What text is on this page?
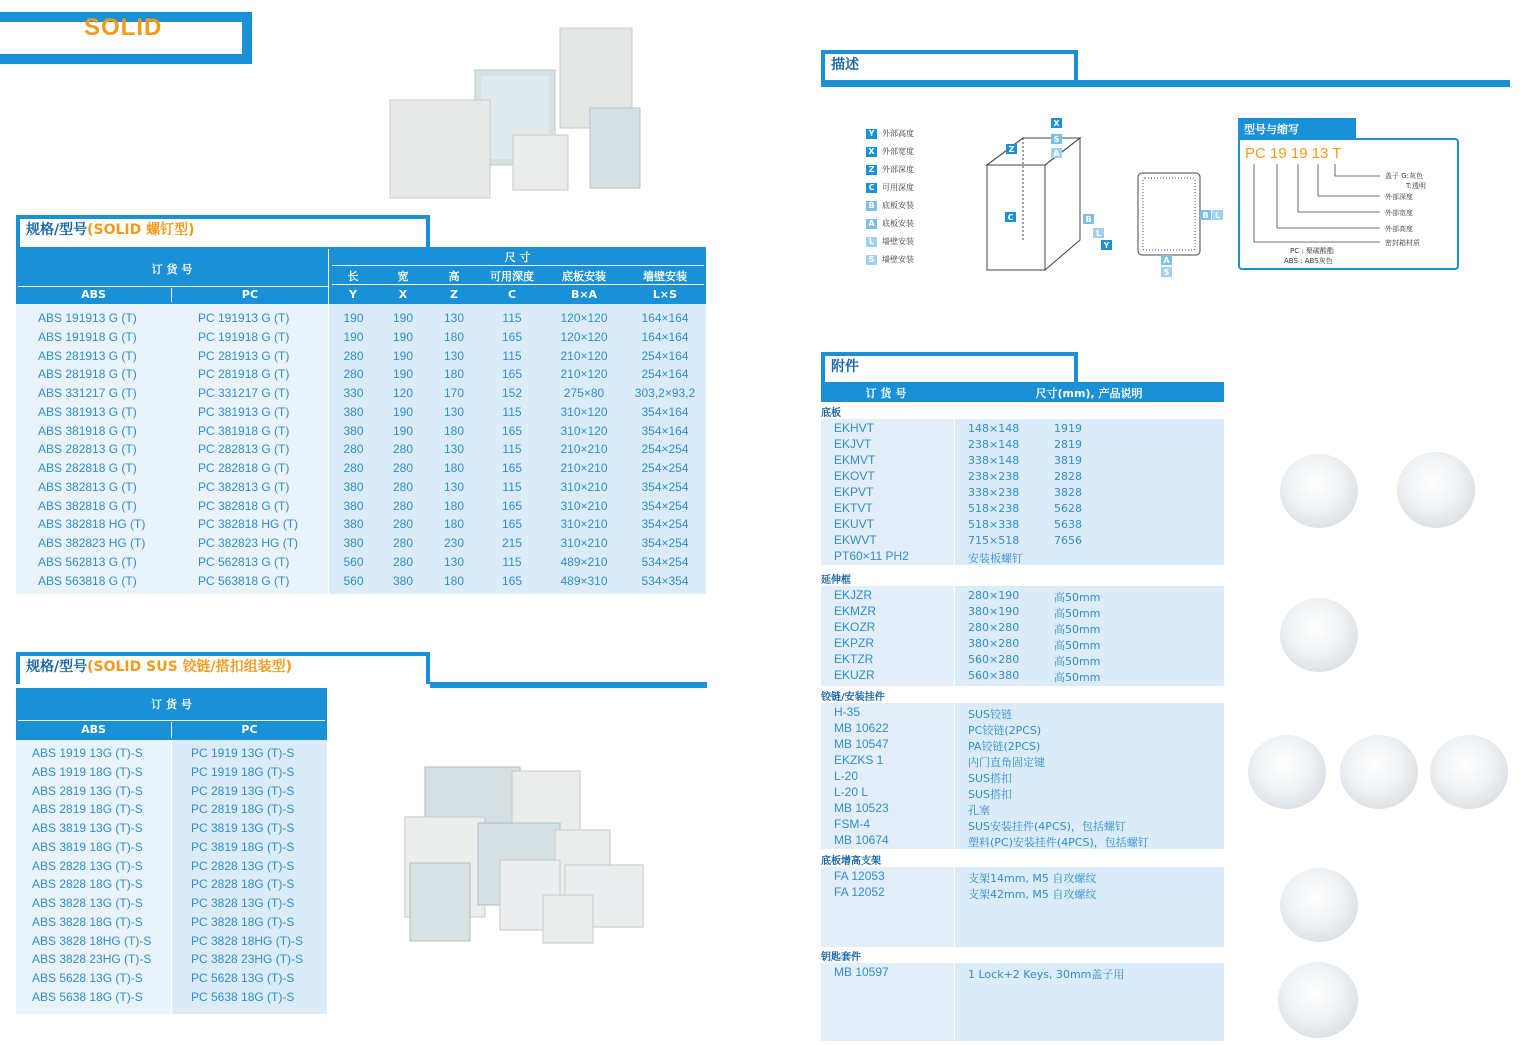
SOLID
规格/型号(SOLID 螺钉型)
订 货 号
尺 寸
ABS	PC
长	宽	高	可用深度	底板安装	墙壁安装
Y	X	Z	C	B×A	L×S
ABS 191913 G (T)	PC 191913 G (T)	190	190	130	115	120×120	164×164
ABS 191918 G (T)	PC 191918 G (T)	190	190	180	165	120×120	164×164
ABS 281913 G (T)	PC 281913 G (T)	280	190	130	115	210×120	254×164
ABS 281918 G (T)	PC 281918 G (T)	280	190	180	165	210×120	254×164
ABS 331217 G (T)	PC 331217 G (T)	330	120	170	152	275×80	303,2×93,2
ABS 381913 G (T)	PC 381913 G (T)	380	190	130	115	310×120	354×164
ABS 381918 G (T)	PC 381918 G (T)	380	190	180	165	310×120	354×164
ABS 282813 G (T)	PC 282813 G (T)	280	280	130	115	210×210	254×254
ABS 282818 G (T)	PC 282818 G (T)	280	280	180	165	210×210	254×254
ABS 382813 G (T)	PC 382813 G (T)	380	280	130	115	310×210	354×254
ABS 382818 G (T)	PC 382818 G (T)	380	280	180	165	310×210	354×254
ABS 382818 HG (T)	PC 382818 HG (T)	380	280	180	165	310×210	354×254
ABS 382823 HG (T)	PC 382823 HG (T)	380	280	230	215	310×210	354×254
ABS 562813 G (T)	PC 562813 G (T)	560	280	130	115	489×210	534×254
ABS 563818 G (T)	PC 563818 G (T)	560	380	180	165	489×310	534×354
规格/型号(SOLID SUS 铰链/搭扣组装型)
订 货 号
ABS	PC
ABS 1919 13G (T)-S	PC 1919 13G (T)-S
ABS 1919 18G (T)-S	PC 1919 18G (T)-S
ABS 2819 13G (T)-S	PC 2819 13G (T)-S
ABS 2819 18G (T)-S	PC 2819 18G (T)-S
ABS 3819 13G (T)-S	PC 3819 13G (T)-S
ABS 3819 18G (T)-S	PC 3819 18G (T)-S
ABS 2828 13G (T)-S	PC 2828 13G (T)-S
ABS 2828 18G (T)-S	PC 2828 18G (T)-S
ABS 3828 13G (T)-S	PC 3828 13G (T)-S
ABS 3828 18G (T)-S	PC 3828 18G (T)-S
ABS 3828 18HG (T)-S	PC 3828 18HG (T)-S
ABS 3828 23HG (T)-S	PC 3828 23HG (T)-S
ABS 5628 13G (T)-S	PC 5628 13G (T)-S
ABS 5638 18G (T)-S	PC 5638 18G (T)-S
描述
Y 外部高度
X 外部宽度
Z 外部深度
C 可用深度
B 底板安装
A 底板安装
L 墙壁安装
S 墙壁安装
X
S
A
Z
C	B
L
Y
B L
A
S
型号与缩写
PC 19 19 13 T
盖子 G:灰色
T:透明
外部深度
外部宽度
外部高度
密封箱材质
PC : 聚碳酸酯
ABS : ABS灰色
附件
订 货 号	尺寸(mm), 产品说明
底板
EKHVT	148×148	1919
EKJVT	238×148	2819
EKMVT	338×148	3819
EKOVT	238×238	2828
EKPVT	338×238	3828
EKTVT	518×238	5628
EKUVT	518×338	5638
EKWVT	715×518	7656
PT60×11 PH2	安装板螺钉
延伸框
EKJZR	280×190	高50mm
EKMZR	380×190	高50mm
EKOZR	280×280	高50mm
EKPZR	380×280	高50mm
EKTZR	560×280	高50mm
EKUZR	560×380	高50mm
铰链/安装挂件
H-35	SUS铰链
MB 10622	PC铰链(2PCS)
MB 10547	PA铰链(2PCS)
EKZKS 1	内门直角固定键
L-20	SUS搭扣
L-20 L	SUS搭扣
MB 10523	孔塞
FSM-4	SUS安装挂件(4PCS)，包括螺钉
MB 10674	塑料(PC)安装挂件(4PCS)，包括螺钉
底板增高支架
FA 12053	支架14mm, M5 自攻螺纹
FA 12052	支架42mm, M5 自攻螺纹
钥匙套件
MB 10597	1 Lock+2 Keys, 30mm盖子用
